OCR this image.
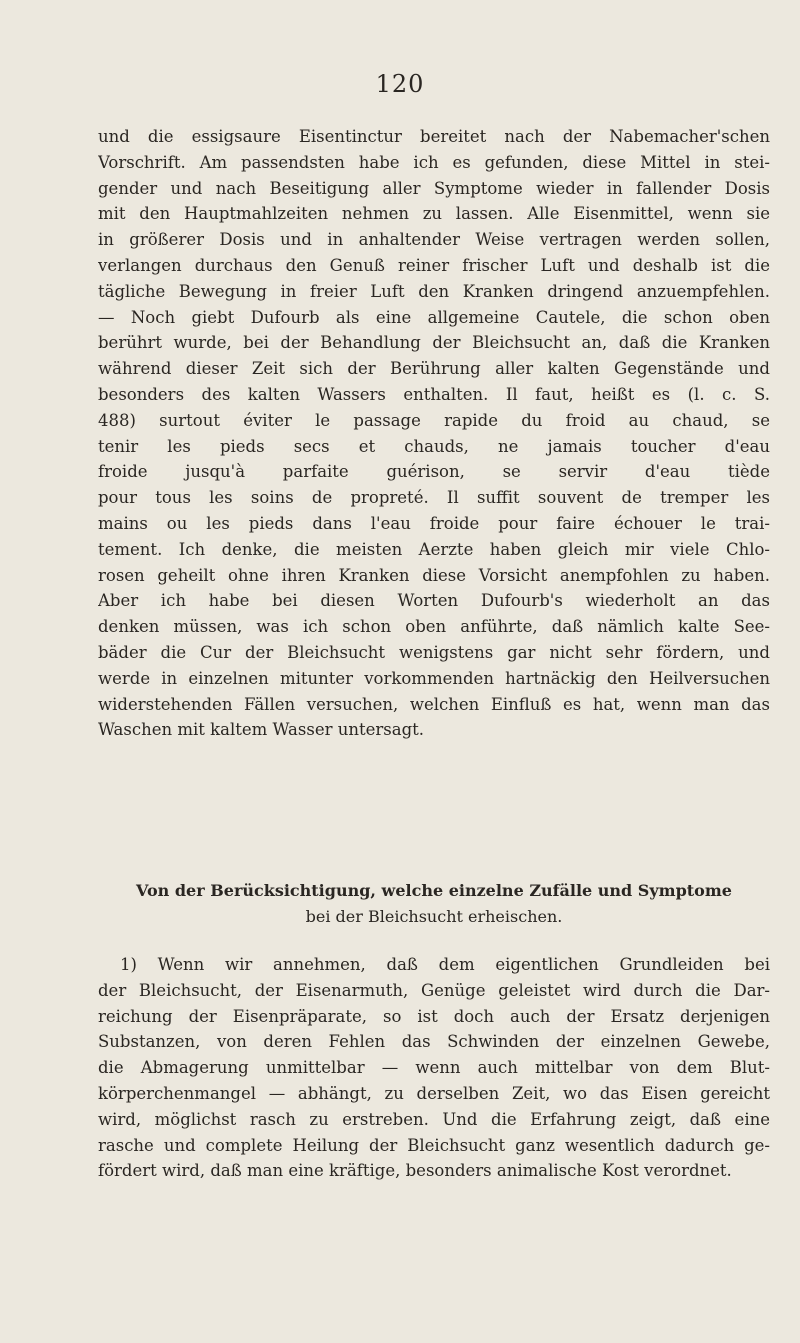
120
und die essigsaure Eisentinctur bereitet nach der Nabemacher'schen
Vorschrift. Am passendsten habe ich es gefunden, diese Mittel in stei-
gender und nach Beseitigung aller Symptome wieder in fallender Dosis
mit den Hauptmahlzeiten nehmen zu lassen. Alle Eisenmittel, wenn sie
in größerer Dosis und in anhaltender Weise vertragen werden sollen,
verlangen durchaus den Genuß reiner frischer Luft und deshalb ist die
tägliche Bewegung in freier Luft den Kranken dringend anzuempfehlen.
— Noch giebt Dufourb als eine allgemeine Cautele, die schon oben
berührt wurde, bei der Behandlung der Bleichsucht an, daß die Kranken
während dieser Zeit sich der Berührung aller kalten Gegenstände und
besonders des kalten Wassers enthalten. Il faut, heißt es (l. c. S.
488) surtout éviter le passage rapide du froid au chaud, se
tenir les pieds secs et chauds, ne jamais toucher d'eau
froide jusqu'à parfaite guérison, se servir d'eau tiède
pour tous les soins de propreté. Il suffit souvent de tremper les
mains ou les pieds dans l'eau froide pour faire échouer le trai-
tement. Ich denke, die meisten Aerzte haben gleich mir viele Chlo-
rosen geheilt ohne ihren Kranken diese Vorsicht anempfohlen zu haben.
Aber ich habe bei diesen Worten Dufourb's wiederholt an das
denken müssen, was ich schon oben anführte, daß nämlich kalte See-
bäder die Cur der Bleichsucht wenigstens gar nicht sehr fördern, und
werde in einzelnen mitunter vorkommenden hartnäckig den Heilversuchen
widerstehenden Fällen versuchen, welchen Einfluß es hat, wenn man das
Waschen mit kaltem Wasser untersagt.
Von der Berücksichtigung, welche einzelne Zufälle und Symptome
bei der Bleichsucht erheischen.
1) Wenn wir annehmen, daß dem eigentlichen Grundleiden bei
der Bleichsucht, der Eisenarmuth, Genüge geleistet wird durch die Dar-
reichung der Eisenpräparate, so ist doch auch der Ersatz derjenigen
Substanzen, von deren Fehlen das Schwinden der einzelnen Gewebe,
die Abmagerung unmittelbar — wenn auch mittelbar von dem Blut-
körperchenmangel — abhängt, zu derselben Zeit, wo das Eisen gereicht
wird, möglichst rasch zu erstreben. Und die Erfahrung zeigt, daß eine
rasche und complete Heilung der Bleichsucht ganz wesentlich dadurch ge-
fördert wird, daß man eine kräftige, besonders animalische Kost verordnet.
